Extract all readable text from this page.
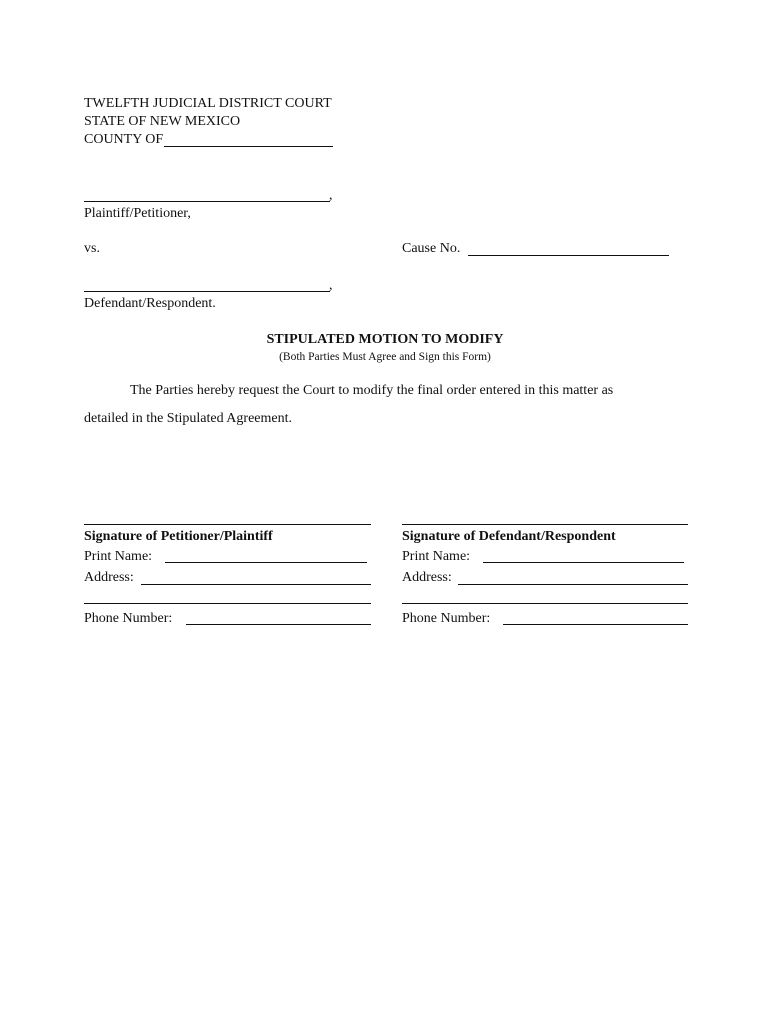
TWELFTH JUDICIAL DISTRICT COURT
STATE OF NEW MEXICO
COUNTY OF
,
Plaintiff/Petitioner,
vs.	Cause No.
,
Defendant/Respondent.
STIPULATED MOTION TO MODIFY
(Both Parties Must Agree and Sign this Form)
The Parties hereby request the Court to modify the final order entered in this matter as
detailed in the Stipulated Agreement.
Signature of Petitioner/Plaintiff
Print Name:
Address:
Phone Number:
Signature of Defendant/Respondent
Print Name:
Address:
Phone Number:
